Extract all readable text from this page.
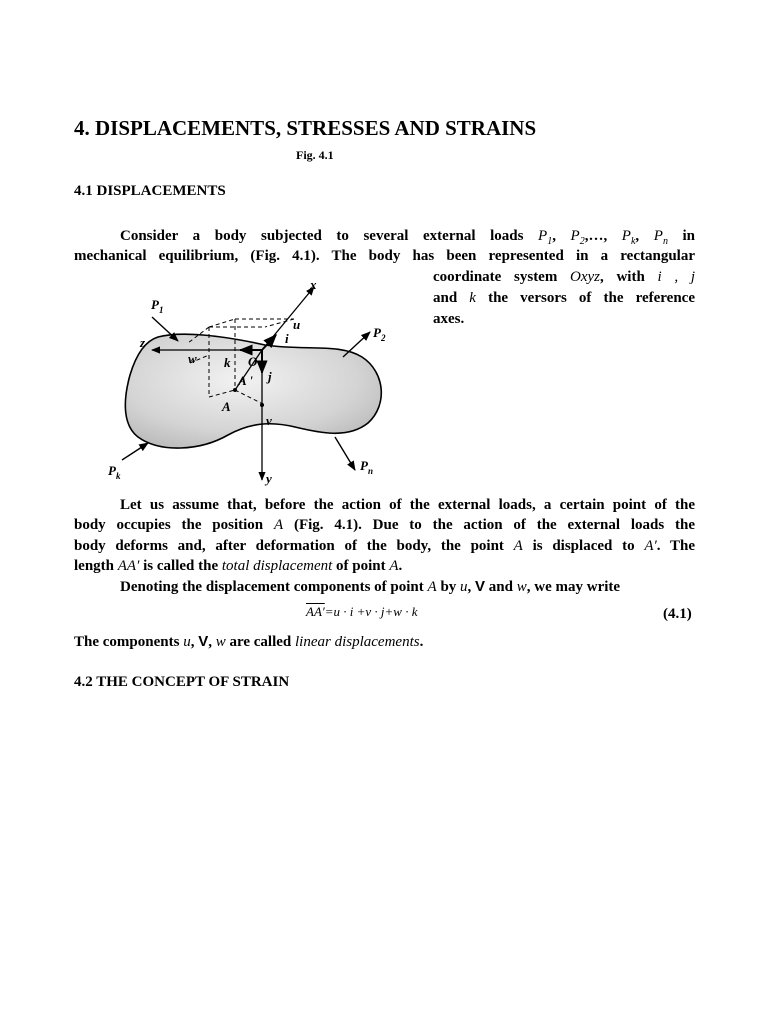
4. DISPLACEMENTS, STRESSES AND STRAINS
Fig. 4.1
4.1 DISPLACEMENTS
Consider a body subjected to several external loads $P_1$, $P_2,\dots$, $P_k$, $P_n$ in
mechanical equilibrium, (Fig. 4.1). The body has been represented in a rectangular
coordinate system Oxyz, with i , j
and k the versors of the reference
axes.
x
y
z
$P_1$
$P_2$
$P_k$
$P_n$
u
v
w
i
j
k O
A
A '
Let us assume that, before the action of the external loads, a certain point of the
body occupies the position A (Fig. 4.1). Due to the action of the external loads the
body deforms and, after deformation of the body, the point A is displaced to A′. The
length AA′ is called the total displacement of point A.
Denoting the displacement components of point A by u, V and w, we may write
AA′=u · i +v · j+w · k	(4.1)
The components u, V, w are called linear displacements.
4.2 THE CONCEPT OF STRAIN
